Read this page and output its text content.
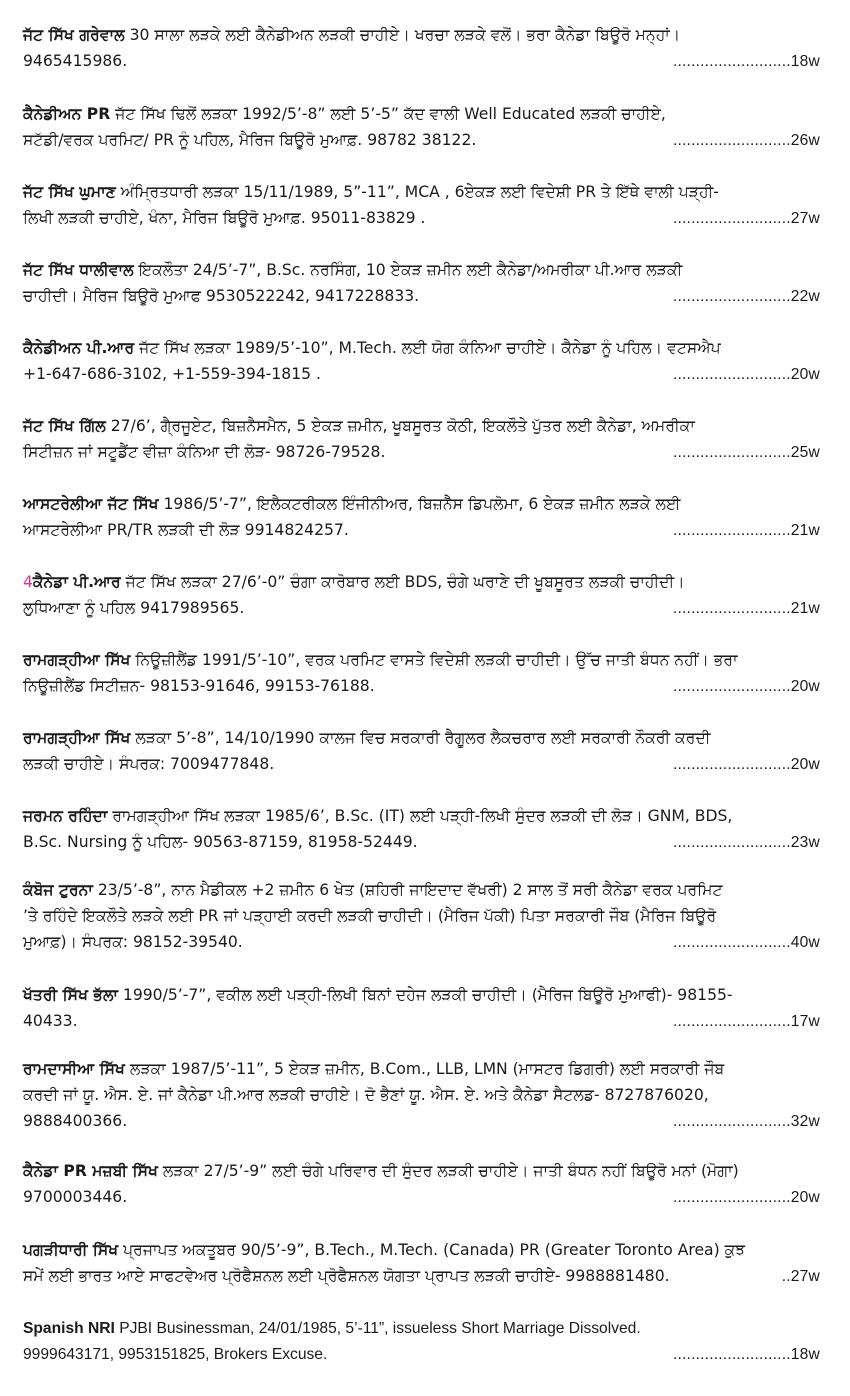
ਜੱਟ ਸਿੱਖ ਗਰੇਵਾਲ 30 ਸਾਲਾ ਲੜਕੇ ਲਈ ਕੈਨੇਡੀਅਨ ਲੜਕੀ ਚਾਹੀਏ। ਖਰਚਾ ਲੜਕੇ ਵਲੋਂ। ਭਰਾ ਕੈਨੇਡਾ ਬਿਊਰੋ ਮਨ੍ਹਾਂ।

9465415986.	..........................18w

ਕੈਨੇਡੀਅਨ PR ਜੱਟ ਸਿੱਖ ਢਿਲੋਂ ਲੜਕਾ 1992/5’-8” ਲਈ 5’-5” ਕੱਦ ਵਾਲੀ Well Educated ਲੜਕੀ ਚਾਹੀਏ,

ਸਟੱਡੀ/ਵਰਕ ਪਰਮਿਟ/ PR ਨੂੰ ਪਹਿਲ, ਮੈਰਿਜ ਬਿਊਰੋ ਮੁਆਫ਼. 98782 38122.	..........................26w

ਜੱਟ ਸਿੱਖ ਘੁਮਾਣ ਅੰਮ੍ਰਿਤਧਾਰੀ ਲੜਕਾ 15/11/1989, 5”-11”, MCA , 6ਏਕੜ ਲਈ ਵਿਦੇਸ਼ੀ PR ਤੇ ਇੱਥੇ ਵਾਲੀ ਪੜ੍ਹੀ-

ਲਿਖੀ ਲੜਕੀ ਚਾਹੀਏ, ਖੰਨਾ, ਮੈਰਿਜ ਬਿਊਰੋ ਮੁਆਫ਼. 95011-83829 .	..........................27w

ਜੱਟ ਸਿੱਖ ਧਾਲੀਵਾਲ ਇਕਲੌਤਾ 24/5’-7”, B.Sc. ਨਰਸਿੰਗ, 10 ਏਕੜ ਜ਼ਮੀਨ ਲਈ ਕੈਨੇਡਾ/ਅਮਰੀਕਾ ਪੀ.ਆਰ ਲੜਕੀ

ਚਾਹੀਦੀ। ਮੈਰਿਜ ਬਿਊਰੋ ਮੁਆਫ 9530522242, 9417228833.	..........................22w

ਕੈਨੇਡੀਅਨ ਪੀ.ਆਰ ਜੱਟ ਸਿੱਖ ਲੜਕਾ 1989/5’-10”, M.Tech. ਲਈ ਯੋਗ ਕੰਨਿਆ ਚਾਹੀਏ। ਕੈਨੇਡਾ ਨੂੰ ਪਹਿਲ। ਵਟਸਐਪ

+1-647-686-3102, +1-559-394-1815 .	..........................20w

ਜੱਟ ਸਿੱਖ ਗਿੱਲ 27/6’, ਗੈ੍ਰਜੂਏਟ, ਬਿਜ਼ਨੈਸਮੈਨ, 5 ਏਕੜ ਜ਼ਮੀਨ, ਖੂਬਸੂਰਤ ਕੋਠੀ, ਇਕਲੌਤੇ ਪੁੱਤਰ ਲਈ ਕੈਨੇਡਾ, ਅਮਰੀਕਾ

ਸਿਟੀਜ਼ਨ ਜਾਂ ਸਟੂਡੈਂਟ ਵੀਜ਼ਾ ਕੰਨਿਆ ਦੀ ਲੋੜ- 98726-79528.	..........................25w

ਆਸਟਰੇਲੀਆ ਜੱਟ ਸਿੱਖ 1986/5’-7”, ਇਲੈਕਟਰੀਕਲ ਇੰਜੀਨੀਅਰ, ਬਿਜ਼ਨੈੱਸ ਡਿਪਲੋਮਾ, 6 ਏਕੜ ਜ਼ਮੀਨ ਲੜਕੇ ਲਈ

ਆਸਟਰੇਲੀਆ PR/TR ਲੜਕੀ ਦੀ ਲੋੜ 9914824257.	..........................21w

4ਕੈਨੇਡਾ ਪੀ.ਆਰ ਜੱਟ ਸਿੱਖ ਲੜਕਾ 27/6’-0” ਚੰਗਾ ਕਾਰੋਬਾਰ ਲਈ BDS, ਚੰਗੇ ਘਰਾਣੇ ਦੀ ਖੂਬਸੂਰਤ ਲੜਕੀ ਚਾਹੀਦੀ।

ਲੁਧਿਆਣਾ ਨੂੰ ਪਹਿਲ 9417989565.	..........................21w

ਰਾਮਗੜ੍ਹੀਆ ਸਿੱਖ ਨਿਊਜ਼ੀਲੈਂਡ 1991/5’-10”, ਵਰਕ ਪਰਮਿਟ ਵਾਸਤੇ ਵਿਦੇਸ਼ੀ ਲੜਕੀ ਚਾਹੀਦੀ। ਉੱਚ ਜਾਤੀ ਬੰਧਨ ਨਹੀਂ। ਭਰਾ

ਨਿਊਜ਼ੀਲੈਂਡ ਸਿਟੀਜ਼ਨ- 98153-91646, 99153-76188.	..........................20w

ਰਾਮਗੜ੍ਹੀਆ ਸਿੱਖ ਲੜਕਾ 5’-8”, 14/10/1990 ਕਾਲਜ ਵਿਚ ਸਰਕਾਰੀ ਰੈਗੂਲਰ ਲੈਕਚਰਾਰ ਲਈ ਸਰਕਾਰੀ ਨੌਕਰੀ ਕਰਦੀ

ਲੜਕੀ ਚਾਹੀਏ। ਸੰਪਰਕ: 7009477848.	..........................20w

ਜਰਮਨ ਰਹਿੰਦਾ ਰਾਮਗੜ੍ਹੀਆ ਸਿੱਖ ਲੜਕਾ 1985/6’, B.Sc. (IT) ਲਈ ਪੜ੍ਹੀ-ਲਿਖੀ ਸੁੰਦਰ ਲੜਕੀ ਦੀ ਲੋੜ। GNM, BDS,

B.Sc. Nursing ਨੂੰ ਪਹਿਲ- 90563-87159, 81958-52449.	..........................23w

ਕੰਬੋਜ ਟੁਰਨਾ 23/5’-8”, ਨਾਨ ਮੈਡੀਕਲ +2 ਜ਼ਮੀਨ 6 ਖੇਤ (ਸ਼ਹਿਰੀ ਜਾਇਦਾਦ ਵੱਖਰੀ) 2 ਸਾਲ ਤੋਂ ਸਰੀ ਕੈਨੇਡਾ ਵਰਕ ਪਰਮਿਟ

’ਤੇ ਰਹਿੰਦੇ ਇਕਲੌਤੇ ਲੜਕੇ ਲਈ PR ਜਾਂ ਪੜ੍ਹਾਈ ਕਰਦੀ ਲੜਕੀ ਚਾਹੀਦੀ। (ਮੈਰਿਜ ਪੱਕੀ) ਪਿਤਾ ਸਰਕਾਰੀ ਜੌਬ (ਮੈਰਿਜ ਬਿਊਰੋ

ਮੁਆਫ਼)। ਸੰਪਰਕ: 98152-39540.	..........................40w

ਖੱਤਰੀ ਸਿੱਖ ਭੱਲਾ 1990/5’-7”, ਵਕੀਲ ਲਈ ਪੜ੍ਹੀ-ਲਿਖੀ ਬਿਨਾਂ ਦਹੇਜ ਲੜਕੀ ਚਾਹੀਦੀ। (ਮੈਰਿਜ ਬਿਊਰੋ ਮੁਆਫੀ)- 98155-

40433.	..........................17w

ਰਾਮਦਾਸੀਆ ਸਿੱਖ ਲੜਕਾ 1987/5’-11”, 5 ਏਕੜ ਜ਼ਮੀਨ, B.Com., LLB, LMN (ਮਾਸਟਰ ਡਿਗਰੀ) ਲਈ ਸਰਕਾਰੀ ਜੌਬ

ਕਰਦੀ ਜਾਂ ਯੂ. ਐਸ. ਏ. ਜਾਂ ਕੈਨੇਡਾ ਪੀ.ਆਰ ਲੜਕੀ ਚਾਹੀਏ। ਦੋ ਭੈਣਾਂ ਯੂ. ਐਸ. ਏ. ਅਤੇ ਕੈਨੇਡਾ ਸੈਟਲਡ- 8727876020,

9888400366.	..........................32w

ਕੈਨੇਡਾ PR ਮਜ਼ਬੀ ਸਿੱਖ ਲੜਕਾ 27/5’-9” ਲਈ ਚੰਗੇ ਪਰਿਵਾਰ ਦੀ ਸੁੰਦਰ ਲੜਕੀ ਚਾਹੀਏ। ਜਾਤੀ ਬੰਧਨ ਨਹੀਂ ਬਿਊਰੋ ਮਨਾਂ (ਮੋਗਾ)

9700003446.	..........................20w

ਪਗੜੀਧਾਰੀ ਸਿੱਖ ਪ੍ਰਜਾਪਤ ਅਕਤੂਬਰ 90/5’-9”, B.Tech., M.Tech. (Canada) PR (Greater Toronto Area) ਕੁਝ

ਸਮੇਂ ਲਈ ਭਾਰਤ ਆਏ ਸਾਫਟਵੇਅਰ ਪ੍ਰੋਫੈਸ਼ਨਲ ਲਈ ਪ੍ਰੋਫੈਸ਼ਨਲ ਯੋਗਤਾ ਪ੍ਰਾਪਤ ਲੜਕੀ ਚਾਹੀਏ- 9988881480.	..27w

Spanish NRI PJBI Businessman, 24/01/1985, 5’-11”, issueless Short Marriage Dissolved.

9999643171, 9953151825, Brokers Excuse.	..........................18w
